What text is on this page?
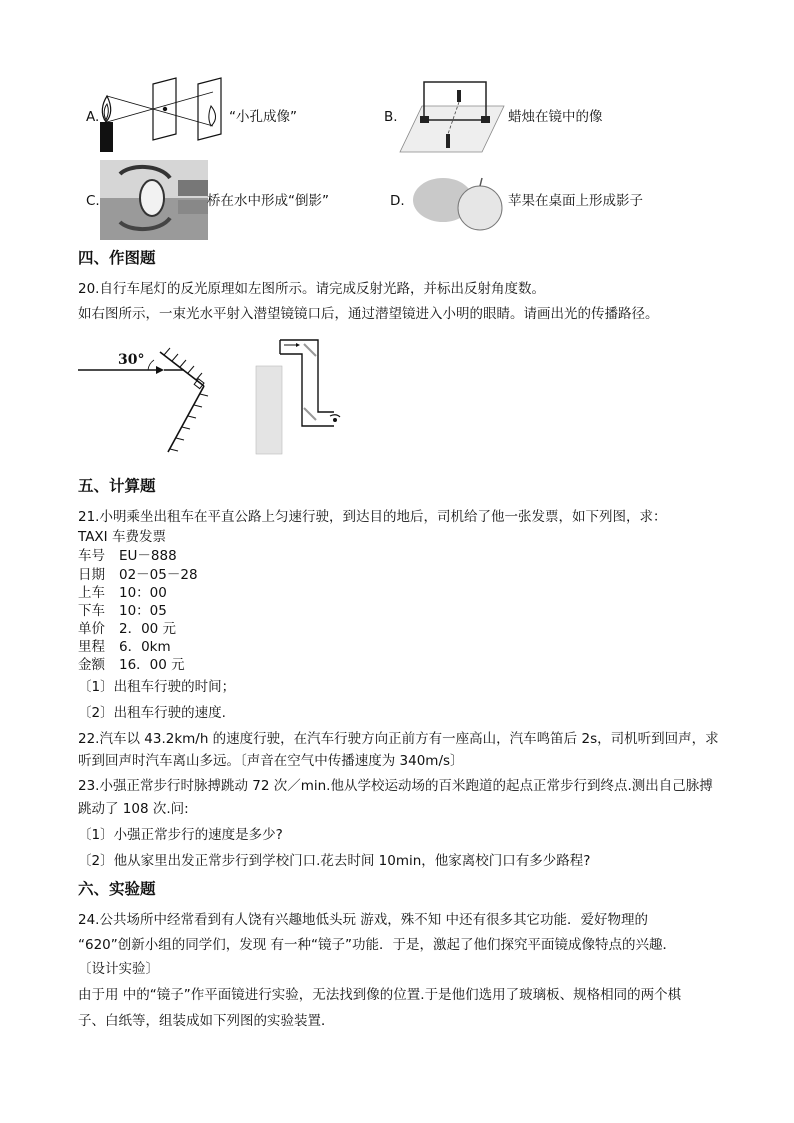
A.	“小孔成像”	B.	蜡烛在镜中的像
C.	桥在水中形成“倒影”	D.	苹果在桌面上形成影子
四、作图题
20.自行车尾灯的反光原理如左图所示。请完成反射光路，并标出反射角度数。
如右图所示，一束光水平射入潜望镜镜口后，通过潜望镜进入小明的眼睛。请画出光的传播路径。
30°
五、计算题
21.小明乘坐出租车在平直公路上匀速行驶，到达目的地后，司机给了他一张发票，如下列图，求：
TAXI 车费发票
车号 EU－888
日期 02－05－28
上车 10：00
下车 10：05
单价 2．00 元
里程 6．0km
金额 16．00 元
〔1〕出租车行驶的时间；
〔2〕出租车行驶的速度.
22.汽车以 43.2km/h 的速度行驶，在汽车行驶方向正前方有一座高山，汽车鸣笛后 2s，司机听到回声，求
听到回声时汽车离山多远。〔声音在空气中传播速度为 340m/s〕
23.小强正常步行时脉搏跳动 72 次／min.他从学校运动场的百米跑道的起点正常步行到终点.测出自己脉搏
跳动了 108 次.问:
〔1〕小强正常步行的速度是多少?
〔2〕他从家里出发正常步行到学校门口.花去时间 10min，他家离校门口有多少路程?
六、实验题
24.公共场所中经常看到有人饶有兴趣地低头玩 游戏，殊不知 中还有很多其它功能．爱好物理的
“620”创新小组的同学们，发现 有一种“镜子”功能．于是，激起了他们探究平面镜成像特点的兴趣．
〔设计实验〕
由于用 中的“镜子”作平面镜进行实验，无法找到像的位置.于是他们选用了玻璃板、规格相同的两个棋
子、白纸等，组装成如下列图的实验装置．
